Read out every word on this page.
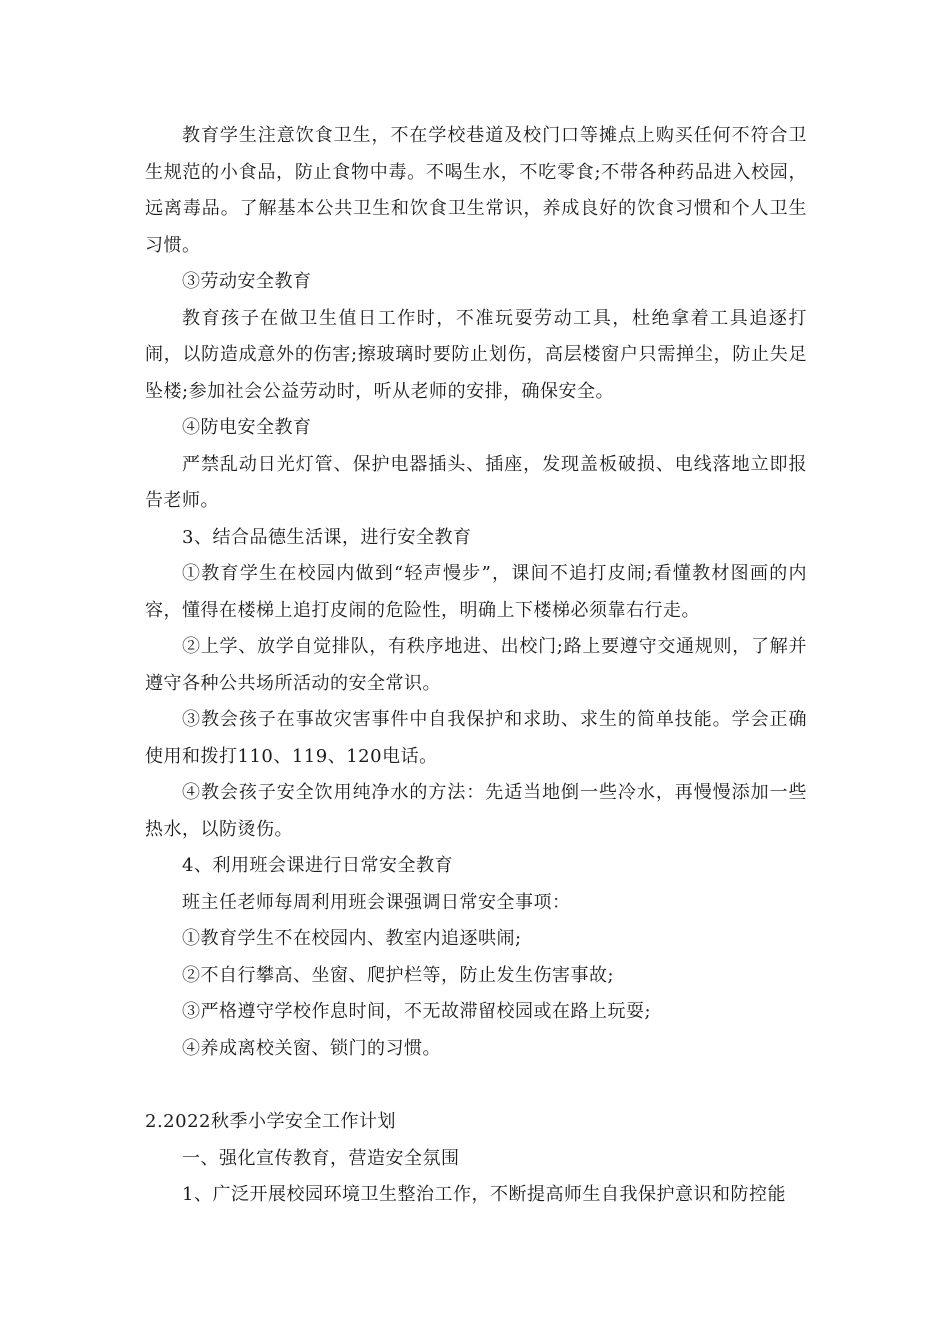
教育学生注意饮食卫生，不在学校巷道及校门口等摊点上购买任何不符合卫生规范的小食品，防止食物中毒。不喝生水，不吃零食;不带各种药品进入校园，远离毒品。了解基本公共卫生和饮食卫生常识，养成良好的饮食习惯和个人卫生习惯。

③劳动安全教育

教育孩子在做卫生值日工作时，不准玩耍劳动工具，杜绝拿着工具追逐打闹，以防造成意外的伤害;擦玻璃时要防止划伤，高层楼窗户只需掸尘，防止失足坠楼;参加社会公益劳动时，听从老师的安排，确保安全。

④防电安全教育

严禁乱动日光灯管、保护电器插头、插座，发现盖板破损、电线落地立即报告老师。

3、结合品德生活课，进行安全教育

①教育学生在校园内做到“轻声慢步”，课间不追打皮闹;看懂教材图画的内容，懂得在楼梯上追打皮闹的危险性，明确上下楼梯必须靠右行走。

②上学、放学自觉排队，有秩序地进、出校门;路上要遵守交通规则，了解并遵守各种公共场所活动的安全常识。

③教会孩子在事故灾害事件中自我保护和求助、求生的简单技能。学会正确使用和拨打110、119、120电话。

④教会孩子安全饮用纯净水的方法：先适当地倒一些冷水，再慢慢添加一些热水，以防烫伤。

4、利用班会课进行日常安全教育

班主任老师每周利用班会课强调日常安全事项：

①教育学生不在校园内、教室内追逐哄闹;

②不自行攀高、坐窗、爬护栏等，防止发生伤害事故;

③严格遵守学校作息时间，不无故滞留校园或在路上玩耍;

④养成离校关窗、锁门的习惯。

2.2022秋季小学安全工作计划

一、强化宣传教育，营造安全氛围

1、广泛开展校园环境卫生整治工作，不断提高师生自我保护意识和防控能
